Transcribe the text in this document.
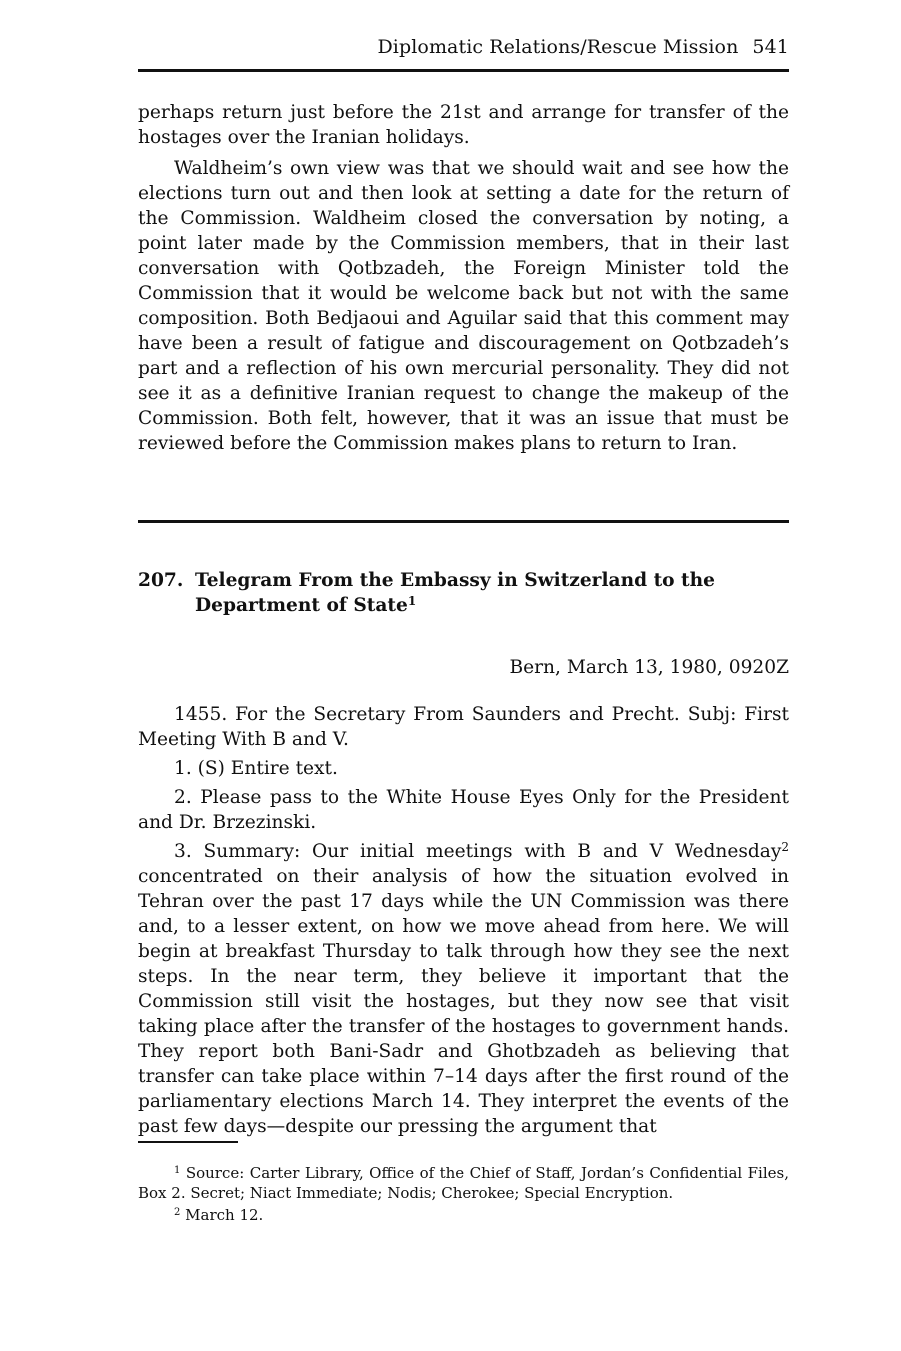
Diplomatic Relations/Rescue Mission 541

perhaps return just before the 21st and arrange for transfer of the hostages over the Iranian holidays.

Waldheim’s own view was that we should wait and see how the elections turn out and then look at setting a date for the return of the Commission. Waldheim closed the conversation by noting, a point later made by the Commission members, that in their last conversation with Qotbzadeh, the Foreign Minister told the Commission that it would be welcome back but not with the same composition. Both Bedjaoui and Aguilar said that this comment may have been a result of fatigue and discouragement on Qotbzadeh’s part and a reflection of his own mercurial personality. They did not see it as a definitive Iranian request to change the makeup of the Commission. Both felt, however, that it was an issue that must be reviewed before the Commission makes plans to return to Iran.

207. Telegram From the Embassy in Switzerland to the Department of State$^1$
Bern, March 13, 1980, 0920Z

1455. For the Secretary From Saunders and Precht. Subj: First Meeting With B and V.

1. (S) Entire text.

2. Please pass to the White House Eyes Only for the President and Dr. Brzezinski.

3. Summary: Our initial meetings with B and V Wednesday$^2$ concentrated on their analysis of how the situation evolved in Tehran over the past 17 days while the UN Commission was there and, to a lesser extent, on how we move ahead from here. We will begin at breakfast Thursday to talk through how they see the next steps. In the near term, they believe it important that the Commission still visit the hostages, but they now see that visit taking place after the transfer of the hostages to government hands. They report both Bani-Sadr and Ghotbzadeh as believing that transfer can take place within 7–14 days after the first round of the parliamentary elections March 14. They interpret the events of the past few days—despite our pressing the argument that

$^1$ Source: Carter Library, Office of the Chief of Staff, Jordan’s Confidential Files, Box 2. Secret; Niact Immediate; Nodis; Cherokee; Special Encryption.

$^2$ March 12.
